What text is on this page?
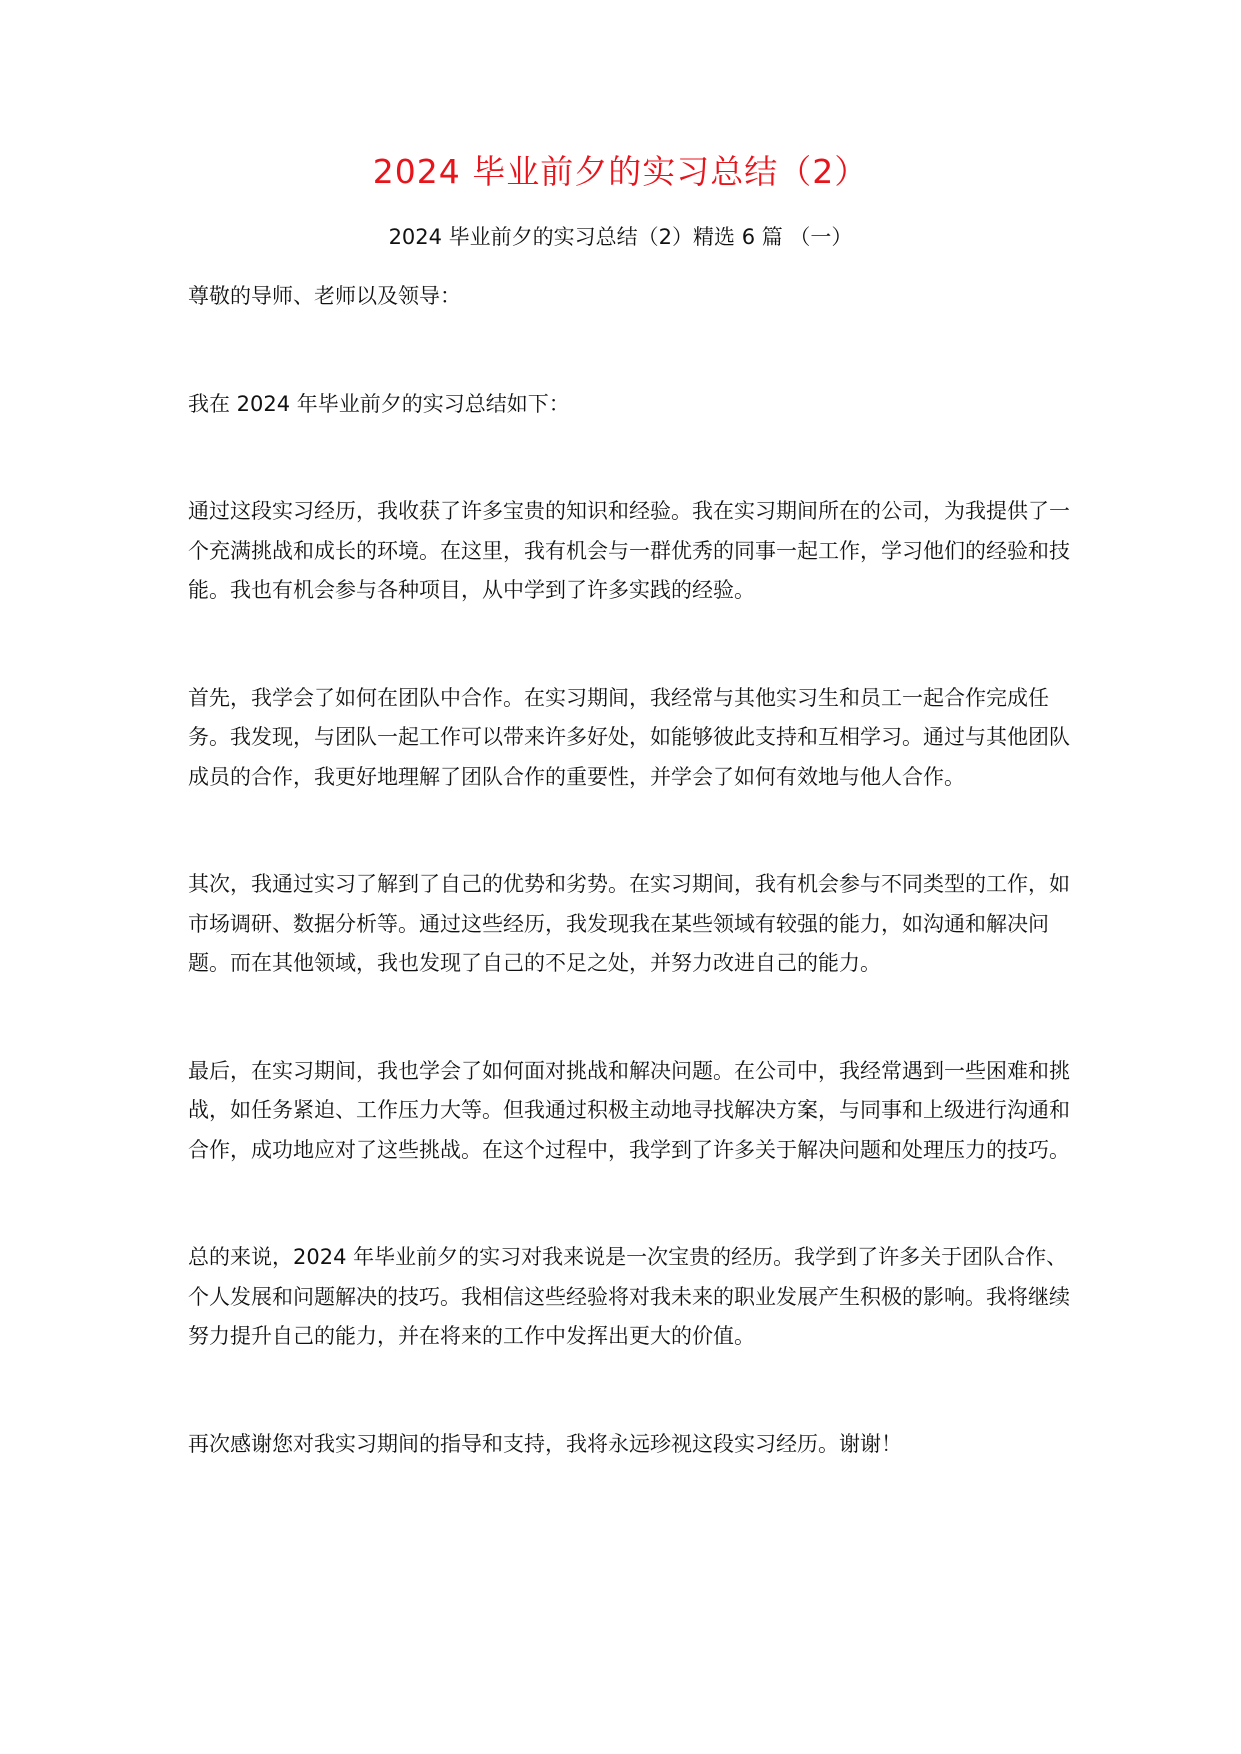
2024 毕业前夕的实习总结（2）
2024 毕业前夕的实习总结（2）精选 6 篇 （一）

尊敬的导师、老师以及领导：

我在 2024 年毕业前夕的实习总结如下：

通过这段实习经历，我收获了许多宝贵的知识和经验。我在实习期间所在的公司，为我提供了一个充满挑战和成长的环境。在这里，我有机会与一群优秀的同事一起工作，学习他们的经验和技能。我也有机会参与各种项目，从中学到了许多实践的经验。

首先，我学会了如何在团队中合作。在实习期间，我经常与其他实习生和员工一起合作完成任务。我发现，与团队一起工作可以带来许多好处，如能够彼此支持和互相学习。通过与其他团队成员的合作，我更好地理解了团队合作的重要性，并学会了如何有效地与他人合作。

其次，我通过实习了解到了自己的优势和劣势。在实习期间，我有机会参与不同类型的工作，如市场调研、数据分析等。通过这些经历，我发现我在某些领域有较强的能力，如沟通和解决问题。而在其他领域，我也发现了自己的不足之处，并努力改进自己的能力。

最后，在实习期间，我也学会了如何面对挑战和解决问题。在公司中，我经常遇到一些困难和挑战，如任务紧迫、工作压力大等。但我通过积极主动地寻找解决方案，与同事和上级进行沟通和合作，成功地应对了这些挑战。在这个过程中，我学到了许多关于解决问题和处理压力的技巧。

总的来说，2024 年毕业前夕的实习对我来说是一次宝贵的经历。我学到了许多关于团队合作、个人发展和问题解决的技巧。我相信这些经验将对我未来的职业发展产生积极的影响。我将继续努力提升自己的能力，并在将来的工作中发挥出更大的价值。

再次感谢您对我实习期间的指导和支持，我将永远珍视这段实习经历。谢谢！
